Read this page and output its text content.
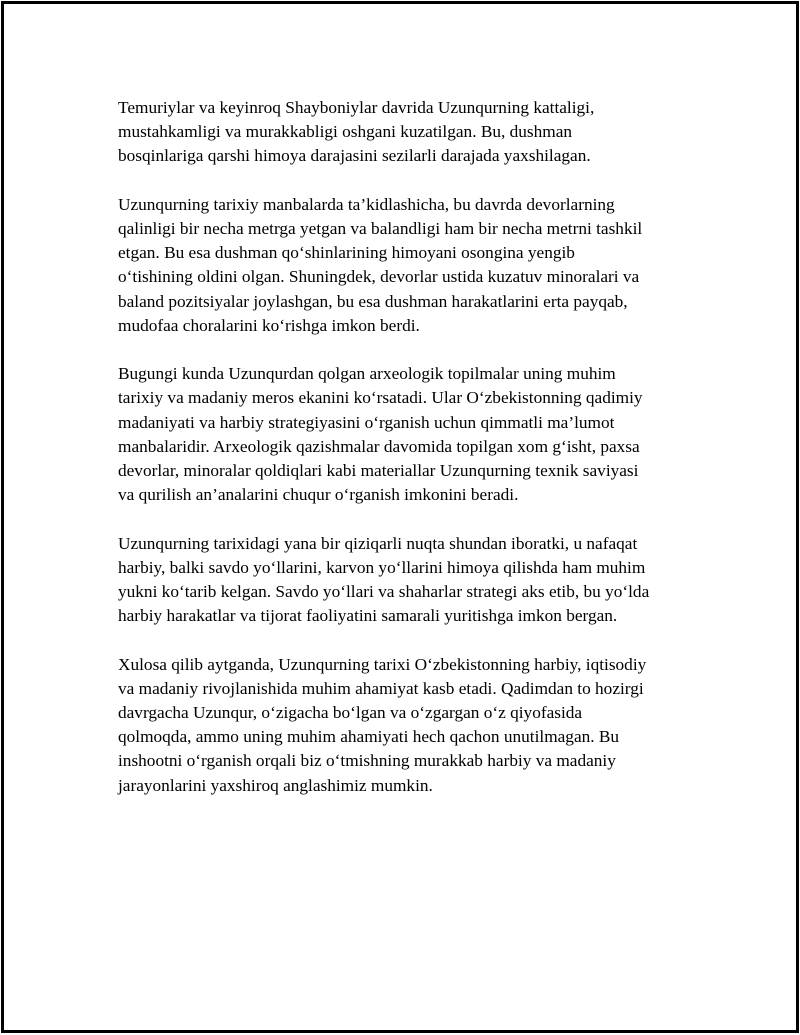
Temuriylar va keyinroq Shayboniylar davrida Uzunqurning kattaligi,
mustahkamligi va murakkabligi oshgani kuzatilgan. Bu, dushman
bosqinlariga qarshi himoya darajasini sezilarli darajada yaxshilagan.

Uzunqurning tarixiy manbalarda ta’kidlashicha, bu davrda devorlarning
qalinligi bir necha metrga yetgan va balandligi ham bir necha metrni tashkil
etgan. Bu esa dushman qo‘shinlarining himoyani osongina yengib
o‘tishining oldini olgan. Shuningdek, devorlar ustida kuzatuv minoralari va
baland pozitsiyalar joylashgan, bu esa dushman harakatlarini erta payqab,
mudofaa choralarini ko‘rishga imkon berdi.

Bugungi kunda Uzunqurdan qolgan arxeologik topilmalar uning muhim
tarixiy va madaniy meros ekanini ko‘rsatadi. Ular O‘zbekistonning qadimiy
madaniyati va harbiy strategiyasini o‘rganish uchun qimmatli ma’lumot
manbalaridir. Arxeologik qazishmalar davomida topilgan xom g‘isht, paxsa
devorlar, minoralar qoldiqlari kabi materiallar Uzunqurning texnik saviyasi
va qurilish an’analarini chuqur o‘rganish imkonini beradi.

Uzunqurning tarixidagi yana bir qiziqarli nuqta shundan iboratki, u nafaqat
harbiy, balki savdo yo‘llarini, karvon yo‘llarini himoya qilishda ham muhim
yukni ko‘tarib kelgan. Savdo yo‘llari va shaharlar strategi aks etib, bu yo‘lda
harbiy harakatlar va tijorat faoliyatini samarali yuritishga imkon bergan.

Xulosa qilib aytganda, Uzunqurning tarixi O‘zbekistonning harbiy, iqtisodiy
va madaniy rivojlanishida muhim ahamiyat kasb etadi. Qadimdan to hozirgi
davrgacha Uzunqur, o‘zigacha bo‘lgan va o‘zgargan o‘z qiyofasida
qolmoqda, ammo uning muhim ahamiyati hech qachon unutilmagan. Bu
inshootni o‘rganish orqali biz o‘tmishning murakkab harbiy va madaniy
jarayonlarini yaxshiroq anglashimiz mumkin.
